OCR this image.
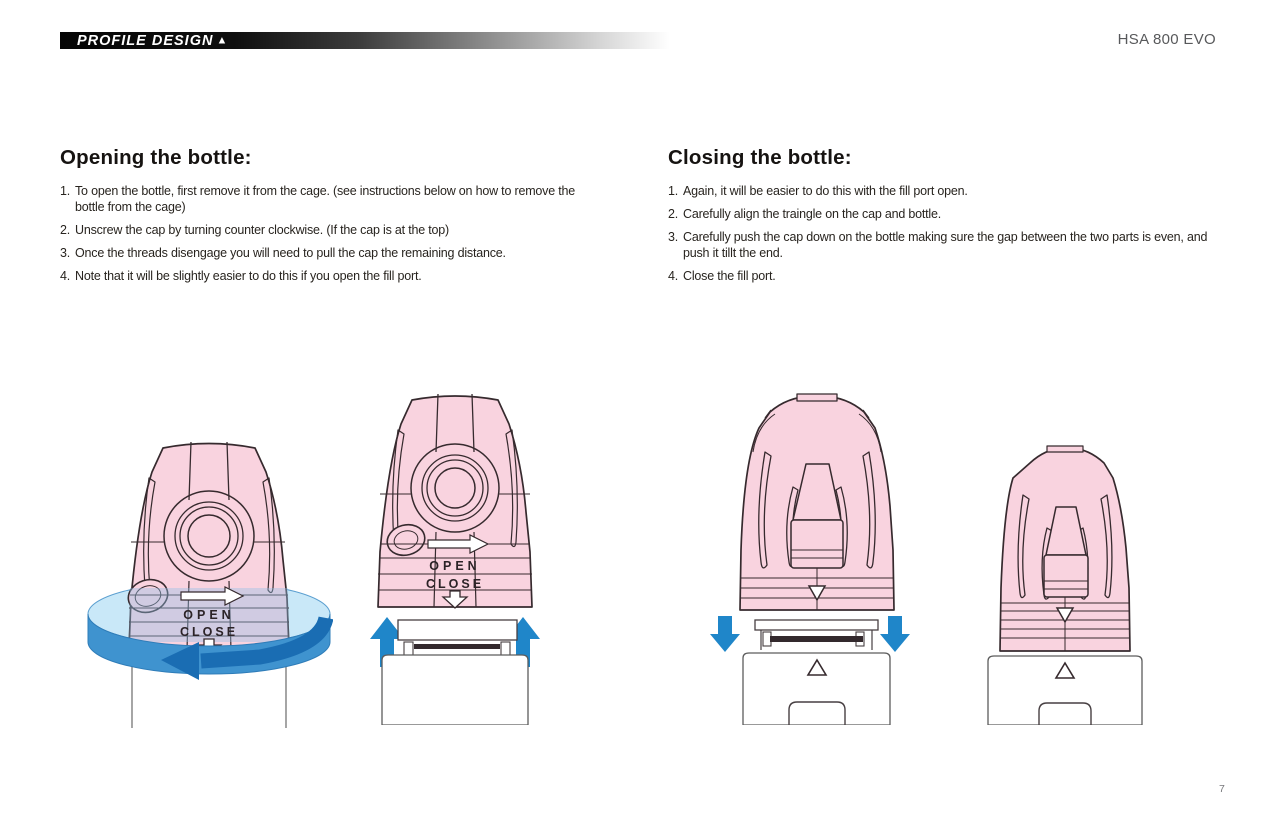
PROFILE DESIGN ▲	HSA 800 EVO
Opening the bottle:
1. To open the bottle, first remove it from the cage. (see instructions below on how to remove the bottle from the cage)
2. Unscrew the cap by turning counter clockwise. (If the cap is at the top)
3. Once the threads disengage you will need to pull the cap the remaining distance.
4. Note that it will be slightly easier to do this if you open the fill port.
Closing the bottle:
1. Again, it will be easier to do this with the fill port open.
2. Carefully align the traingle on the cap and bottle.
3. Carefully push the cap down on the bottle making sure the gap between the two parts is even, and push it tillt the end.
4. Close the fill port.
OPEN
CLOSE
OPEN
CLOSE
7
